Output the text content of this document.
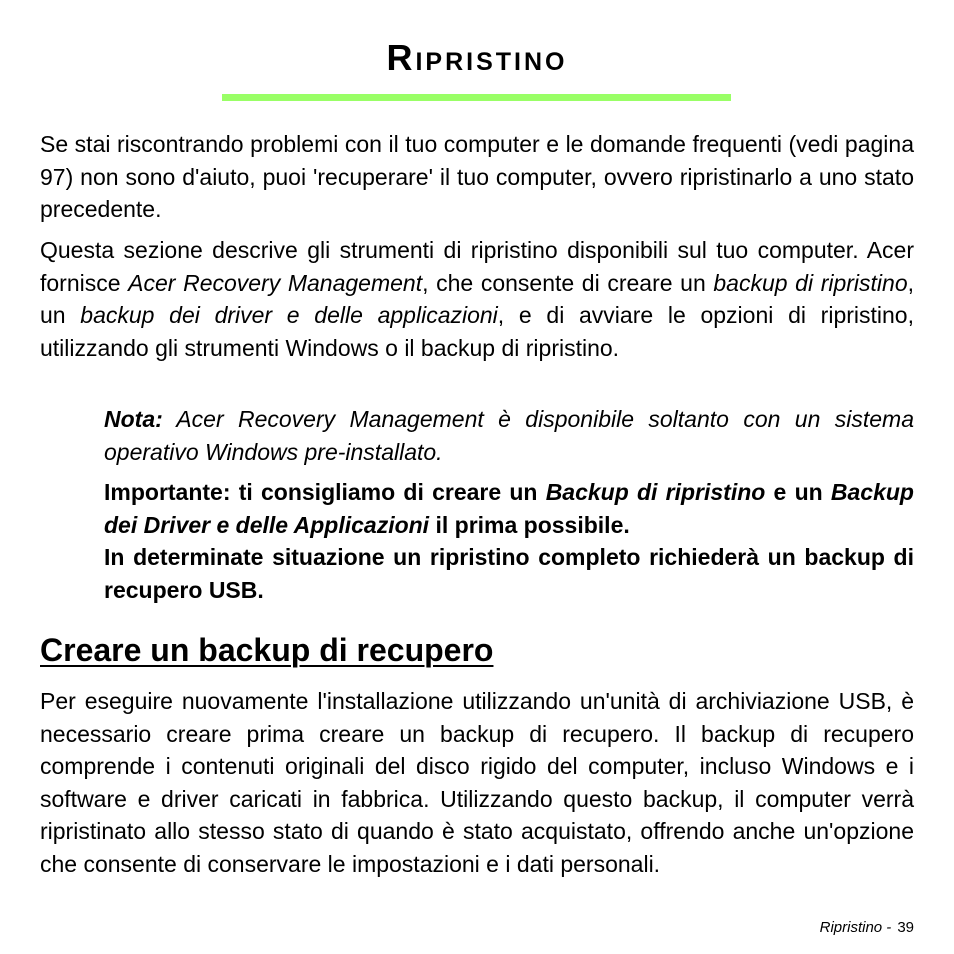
Ripristino

Se stai riscontrando problemi con il tuo computer e le domande frequenti (vedi pagina 97) non sono d'aiuto, puoi 'recuperare' il tuo computer, ovvero ripristinarlo a uno stato precedente.

Questa sezione descrive gli strumenti di ripristino disponibili sul tuo computer. Acer fornisce Acer Recovery Management, che consente di creare un backup di ripristino, un backup dei driver e delle applicazioni, e di avviare le opzioni di ripristino, utilizzando gli strumenti Windows o il backup di ripristino.

Nota: Acer Recovery Management è disponibile soltanto con un sistema operativo Windows pre-installato.

Importante: ti consigliamo di creare un Backup di ripristino e un Backup dei Driver e delle Applicazioni il prima possibile.
In determinate situazione un ripristino completo richiederà un backup di recupero USB.

Creare un backup di recupero

Per eseguire nuovamente l'installazione utilizzando un'unità di archiviazione USB, è necessario creare prima creare un backup di recupero. Il backup di recupero comprende i contenuti originali del disco rigido del computer, incluso Windows e i software e driver caricati in fabbrica. Utilizzando questo backup, il computer verrà ripristinato allo stesso stato di quando è stato acquistato, offrendo anche un'opzione che consente di conservare le impostazioni e i dati personali.

Ripristino - 39
